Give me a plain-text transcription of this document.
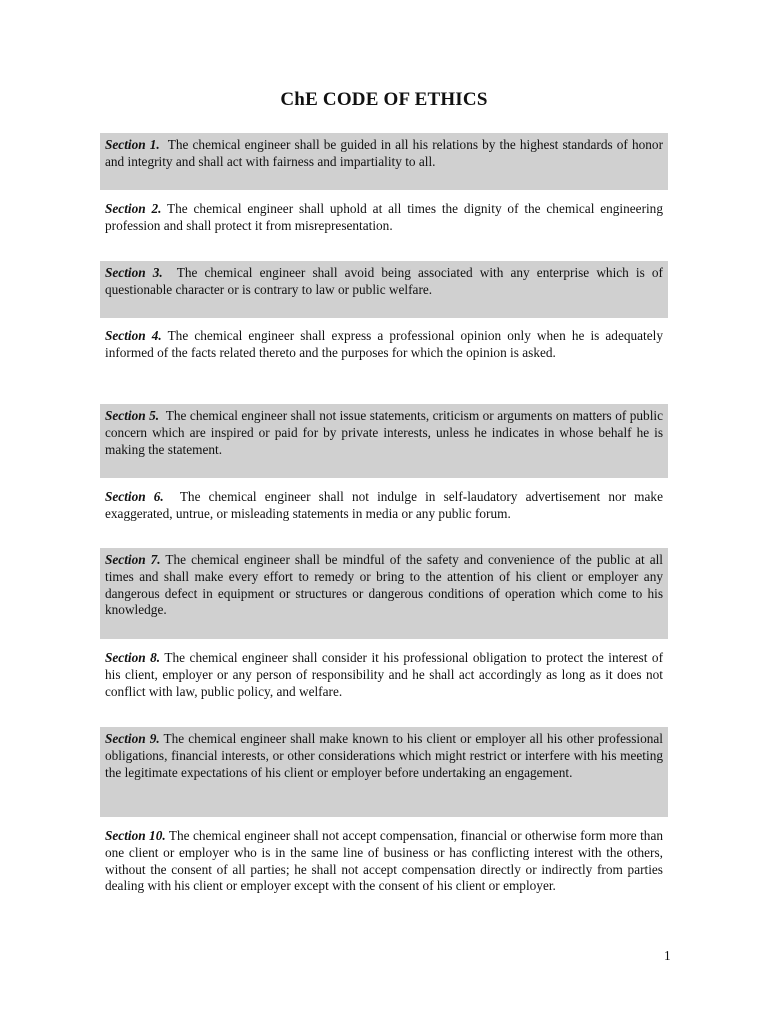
ChE CODE OF ETHICS
Section 1. The chemical engineer shall be guided in all his relations by the highest standards of honor and integrity and shall act with fairness and impartiality to all.
Section 2. The chemical engineer shall uphold at all times the dignity of the chemical engineering profession and shall protect it from misrepresentation.
Section 3. The chemical engineer shall avoid being associated with any enterprise which is of questionable character or is contrary to law or public welfare.
Section 4. The chemical engineer shall express a professional opinion only when he is adequately informed of the facts related thereto and the purposes for which the opinion is asked.
Section 5. The chemical engineer shall not issue statements, criticism or arguments on matters of public concern which are inspired or paid for by private interests, unless he indicates in whose behalf he is making the statement.
Section 6. The chemical engineer shall not indulge in self-laudatory advertisement nor make exaggerated, untrue, or misleading statements in media or any public forum.
Section 7. The chemical engineer shall be mindful of the safety and convenience of the public at all times and shall make every effort to remedy or bring to the attention of his client or employer any dangerous defect in equipment or structures or dangerous conditions of operation which come to his knowledge.
Section 8. The chemical engineer shall consider it his professional obligation to protect the interest of his client, employer or any person of responsibility and he shall act accordingly as long as it does not conflict with law, public policy, and welfare.
Section 9. The chemical engineer shall make known to his client or employer all his other professional obligations, financial interests, or other considerations which might restrict or interfere with his meeting the legitimate expectations of his client or employer before undertaking an engagement.
Section 10. The chemical engineer shall not accept compensation, financial or otherwise form more than one client or employer who is in the same line of business or has conflicting interest with the others, without the consent of all parties; he shall not accept compensation directly or indirectly from parties dealing with his client or employer except with the consent of his client or employer.
1
